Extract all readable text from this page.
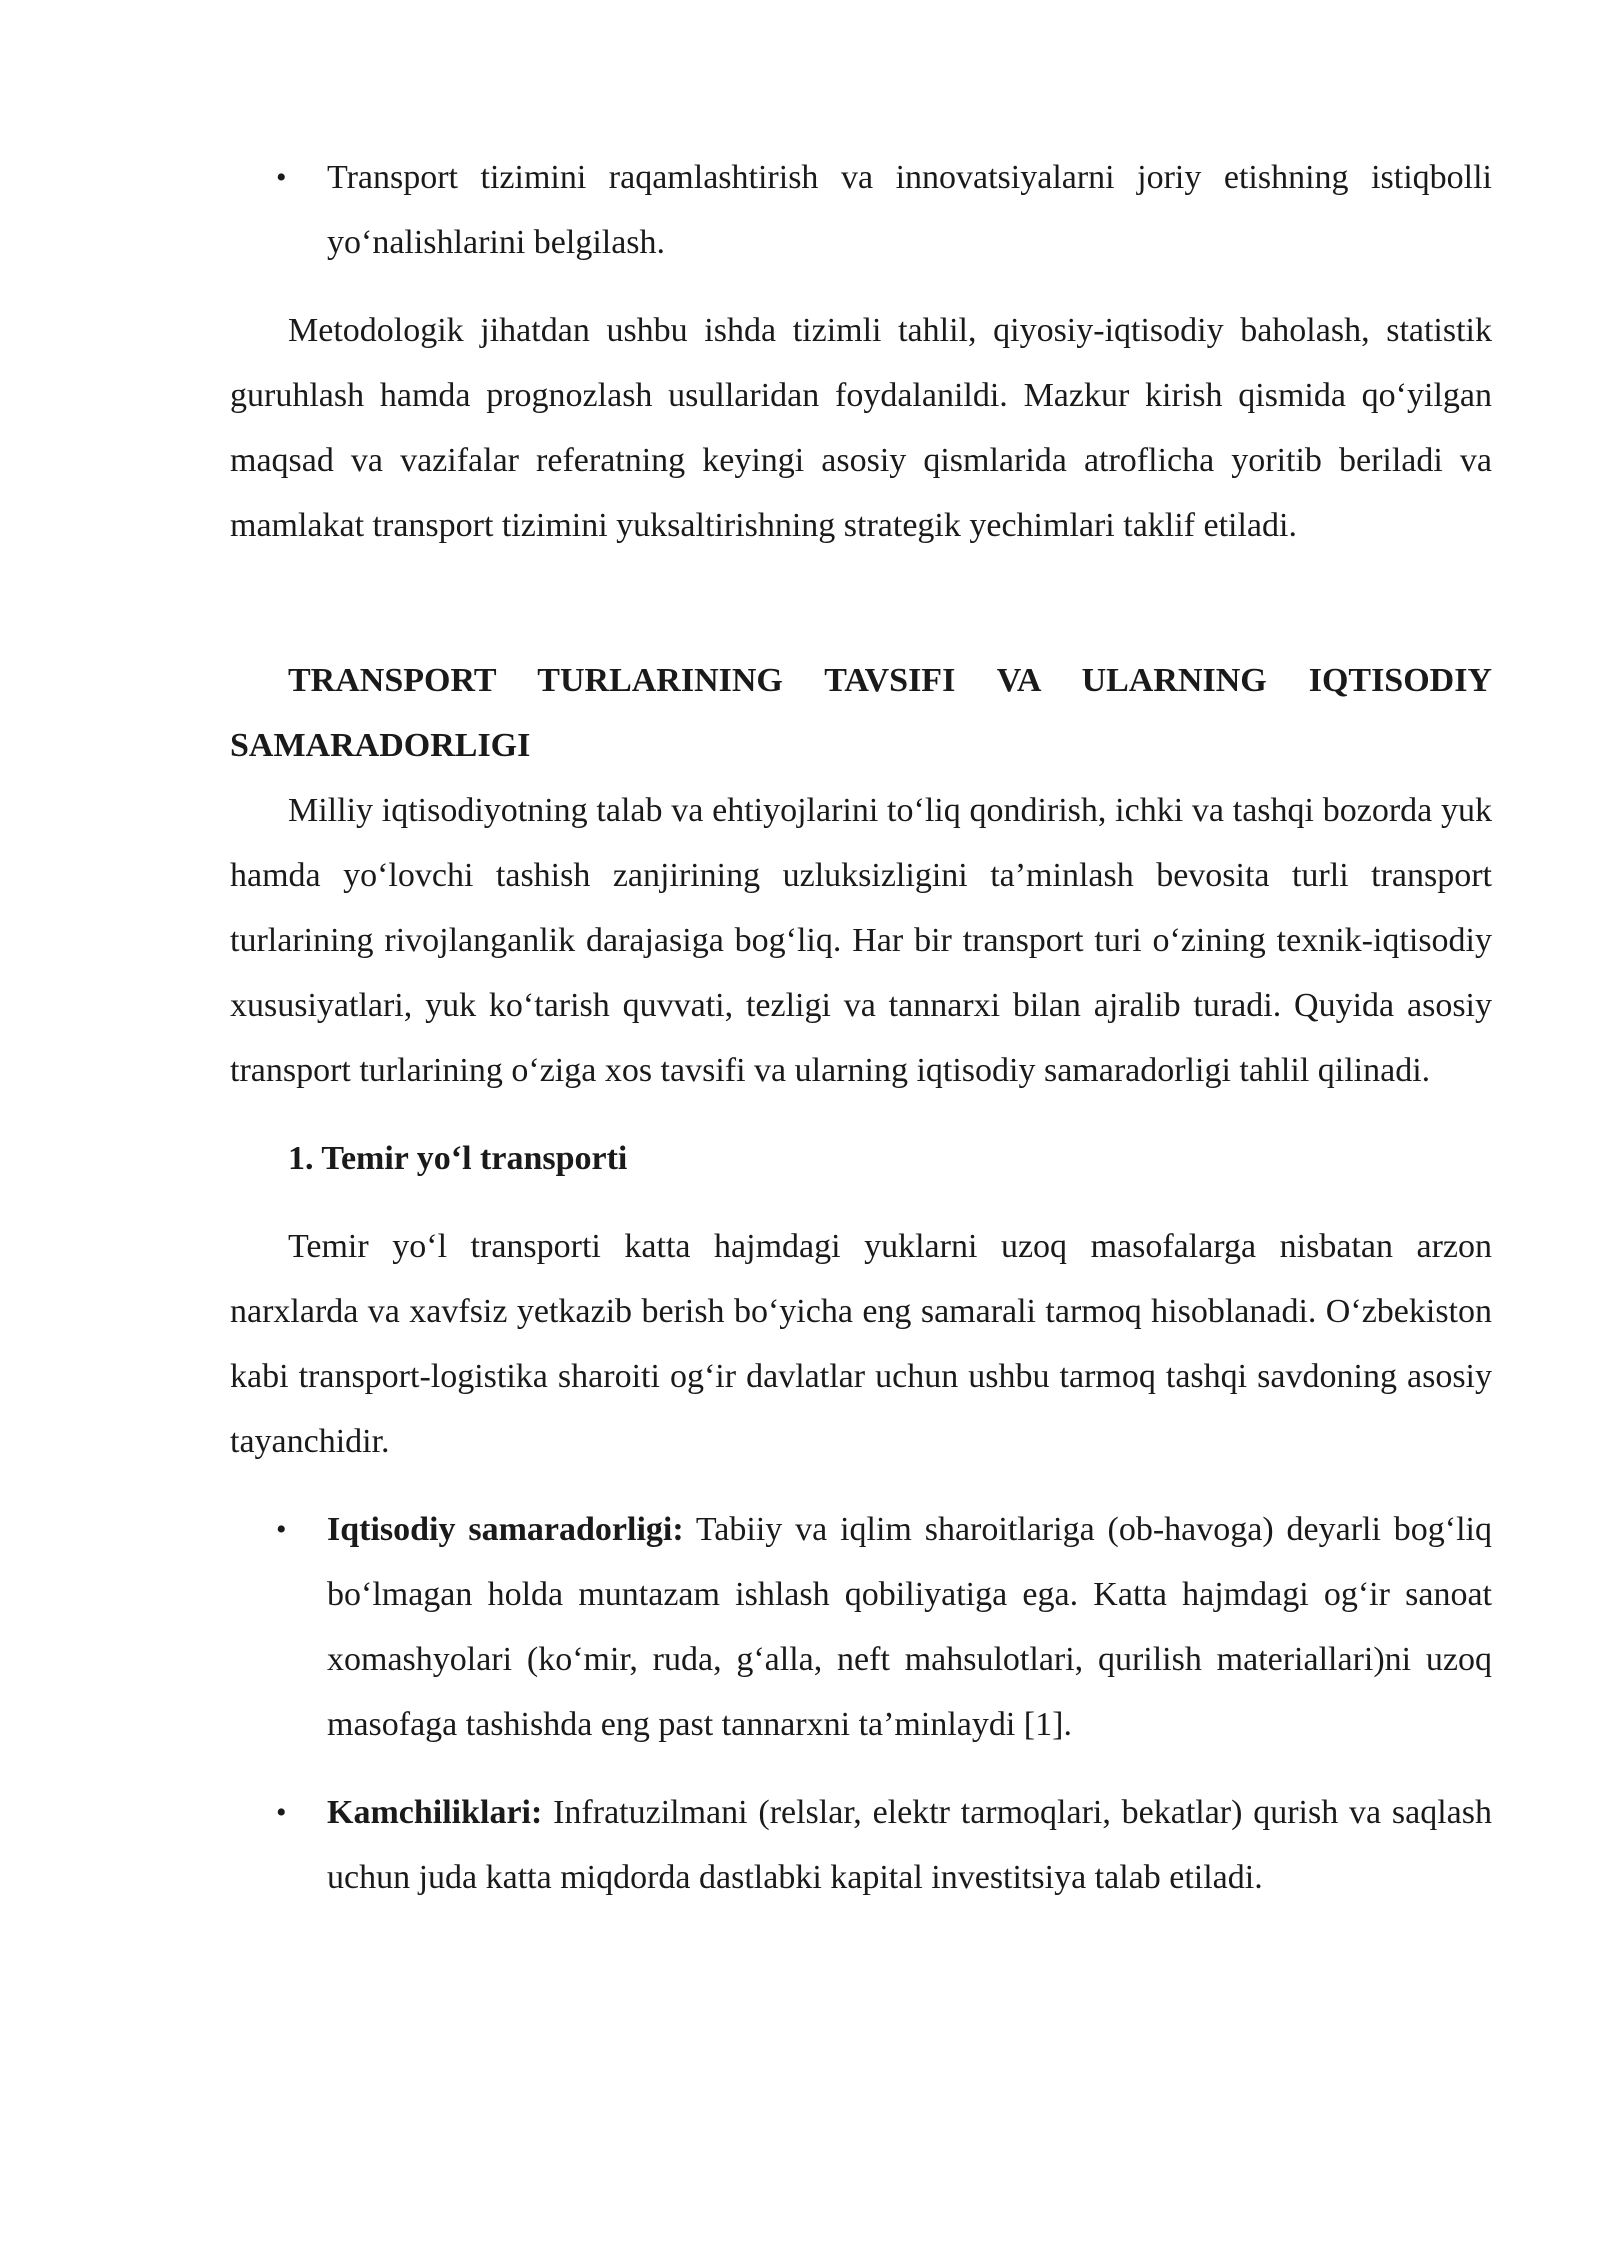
• Transport tizimini raqamlashtirish va innovatsiyalarni joriy etishning istiqbolli yo‘nalishlarini belgilash.

Metodologik jihatdan ushbu ishda tizimli tahlil, qiyosiy-iqtisodiy baholash, statistik guruhlash hamda prognozlash usullaridan foydalanildi. Mazkur kirish qismida qo‘yilgan maqsad va vazifalar referatning keyingi asosiy qismlarida atroflicha yoritib beriladi va mamlakat transport tizimini yuksaltirishning strategik yechimlari taklif etiladi.

TRANSPORT TURLARINING TAVSIFI VA ULARNING IQTISODIY SAMARADORLIGI

Milliy iqtisodiyotning talab va ehtiyojlarini to‘liq qondirish, ichki va tashqi bozorda yuk hamda yo‘lovchi tashish zanjirining uzluksizligini ta’minlash bevosita turli transport turlarining rivojlanganlik darajasiga bog‘liq. Har bir transport turi o‘zining texnik-iqtisodiy xususiyatlari, yuk ko‘tarish quvvati, tezligi va tannarxi bilan ajralib turadi. Quyida asosiy transport turlarining o‘ziga xos tavsifi va ularning iqtisodiy samaradorligi tahlil qilinadi.

1. Temir yo‘l transporti

Temir yo‘l transporti katta hajmdagi yuklarni uzoq masofalarga nisbatan arzon narxlarda va xavfsiz yetkazib berish bo‘yicha eng samarali tarmoq hisoblanadi. O‘zbekiston kabi transport-logistika sharoiti og‘ir davlatlar uchun ushbu tarmoq tashqi savdoning asosiy tayanchidir.

• Iqtisodiy samaradorligi: Tabiiy va iqlim sharoitlariga (ob-havoga) deyarli bog‘liq bo‘lmagan holda muntazam ishlash qobiliyatiga ega. Katta hajmdagi og‘ir sanoat xomashyolari (ko‘mir, ruda, g‘alla, neft mahsulotlari, qurilish materiallari)ni uzoq masofaga tashishda eng past tannarxni ta’minlaydi [1].
• Kamchiliklari: Infratuzilmani (relslar, elektr tarmoqlari, bekatlar) qurish va saqlash uchun juda katta miqdorda dastlabki kapital investitsiya talab etiladi.
